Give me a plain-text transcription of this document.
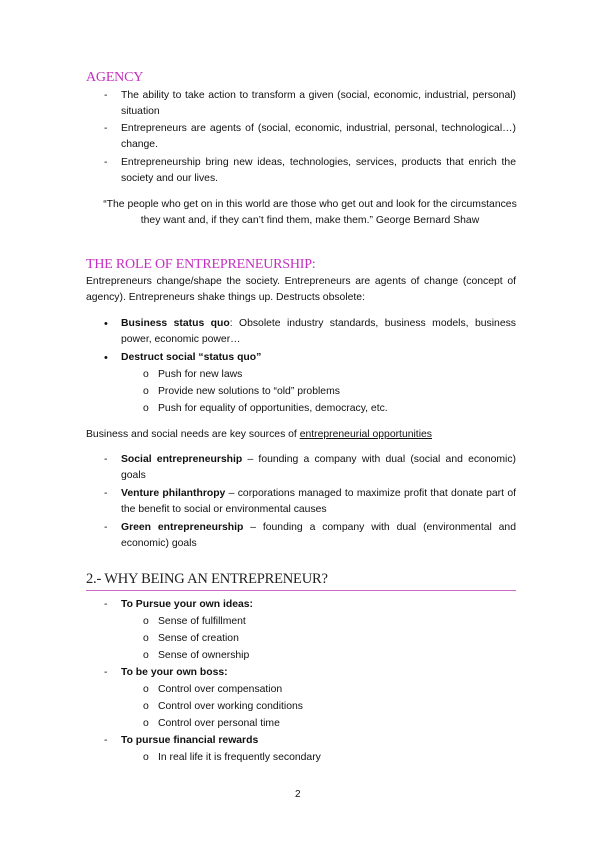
AGENCY
-	The ability to take action to transform a given (social, economic, industrial, personal) situation
-	Entrepreneurs are agents of (social, economic, industrial, personal, technological…) change.
-	Entrepreneurship bring new ideas, technologies, services, products that enrich the society and our lives.
“The people who get on in this world are those who get out and look for the circumstances they want and, if they can’t find them, make them.” George Bernard Shaw
THE ROLE OF ENTREPRENEURSHIP:
Entrepreneurs change/shape the society. Entrepreneurs are agents of change (concept of agency). Entrepreneurs shake things up. Destructs obsolete:
•	Business status quo: Obsolete industry standards, business models, business power, economic power…
•	Destruct social “status quo”
o Push for new laws
o Provide new solutions to “old” problems
o Push for equality of opportunities, democracy, etc.
Business and social needs are key sources of entrepreneurial opportunities
-	Social entrepreneurship – founding a company with dual (social and economic) goals
-	Venture philanthropy – corporations managed to maximize profit that donate part of the benefit to social or environmental causes
-	Green entrepreneurship – founding a company with dual (environmental and economic) goals
2.- WHY BEING AN ENTREPRENEUR?
-	To Pursue your own ideas:
o Sense of fulfillment
o Sense of creation
o Sense of ownership
-	To be your own boss:
o Control over compensation
o Control over working conditions
o Control over personal time
-	To pursue financial rewards
o In real life it is frequently secondary
2
